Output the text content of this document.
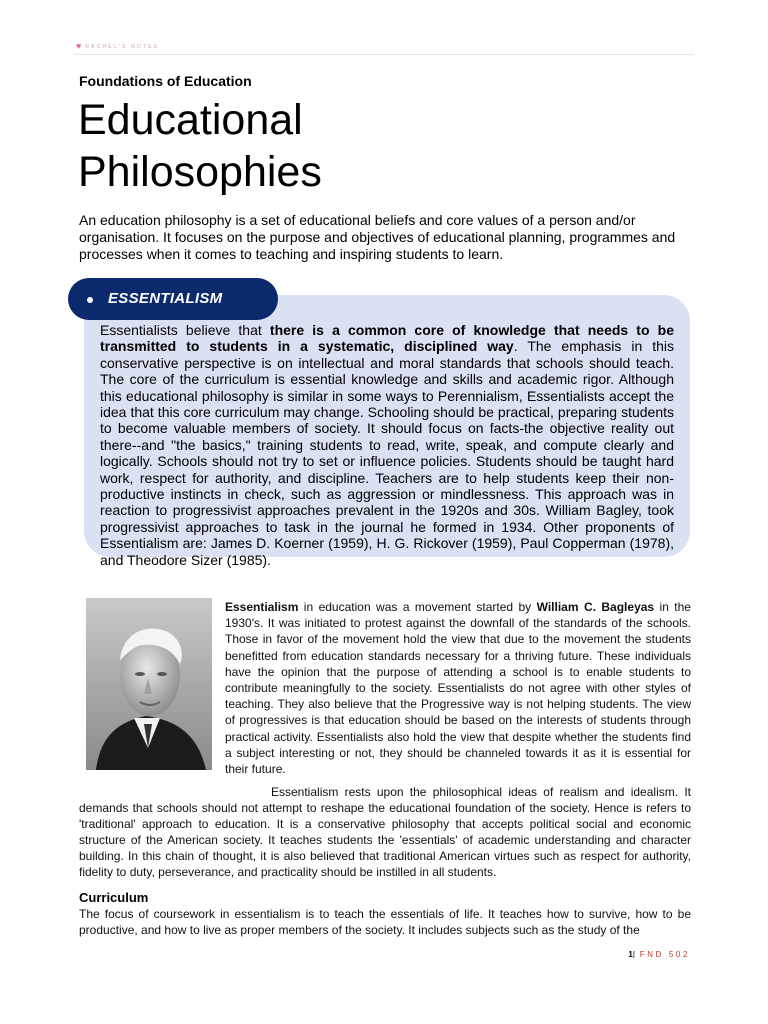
♥ RACHEL'S NOTES
Foundations of Education
Educational Philosophies
An education philosophy is a set of educational beliefs and core values of a person and/or organisation. It focuses on the purpose and objectives of educational planning, programmes and processes when it comes to teaching and inspiring students to learn.
Essentialists believe that there is a common core of knowledge that needs to be transmitted to students in a systematic, disciplined way. The emphasis in this conservative perspective is on intellectual and moral standards that schools should teach. The core of the curriculum is essential knowledge and skills and academic rigor. Although this educational philosophy is similar in some ways to Perennialism, Essentialists accept the idea that this core curriculum may change. Schooling should be practical, preparing students to become valuable members of society. It should focus on facts-the objective reality out there--and "the basics," training students to read, write, speak, and compute clearly and logically. Schools should not try to set or influence policies. Students should be taught hard work, respect for authority, and discipline. Teachers are to help students keep their non-productive instincts in check, such as aggression or mindlessness. This approach was in reaction to progressivist approaches prevalent in the 1920s and 30s. William Bagley, took progressivist approaches to task in the journal he formed in 1934. Other proponents of Essentialism are: James D. Koerner (1959), H. G. Rickover (1959), Paul Copperman (1978), and Theodore Sizer (1985).
ESSENTIALISM
Essentialism in education was a movement started by William C. Bagleyas in the 1930's. It was initiated to protest against the downfall of the standards of the schools. Those in favor of the movement hold the view that due to the movement the students benefitted from education standards necessary for a thriving future. These individuals have the opinion that the purpose of attending a school is to enable students to contribute meaningfully to the society. Essentialists do not agree with other styles of teaching. They also believe that the Progressive way is not helping students. The view of progressives is that education should be based on the interests of students through practical activity. Essentialists also hold the view that despite whether the students find a subject interesting or not, they should be channeled towards it as it is essential for their future.
Essentialism rests upon the philosophical ideas of realism and idealism. It demands that schools should not attempt to reshape the educational foundation of the society. Hence is refers to 'traditional' approach to education. It is a conservative philosophy that accepts political social and economic structure of the American society. It teaches students the 'essentials' of academic understanding and character building. In this chain of thought, it is also believed that traditional American virtues such as respect for authority, fidelity to duty, perseverance, and practicality should be instilled in all students.
Curriculum
The focus of coursework in essentialism is to teach the essentials of life. It teaches how to survive, how to be productive, and how to live as proper members of the society. It includes subjects such as the study of the
1| FND 502
